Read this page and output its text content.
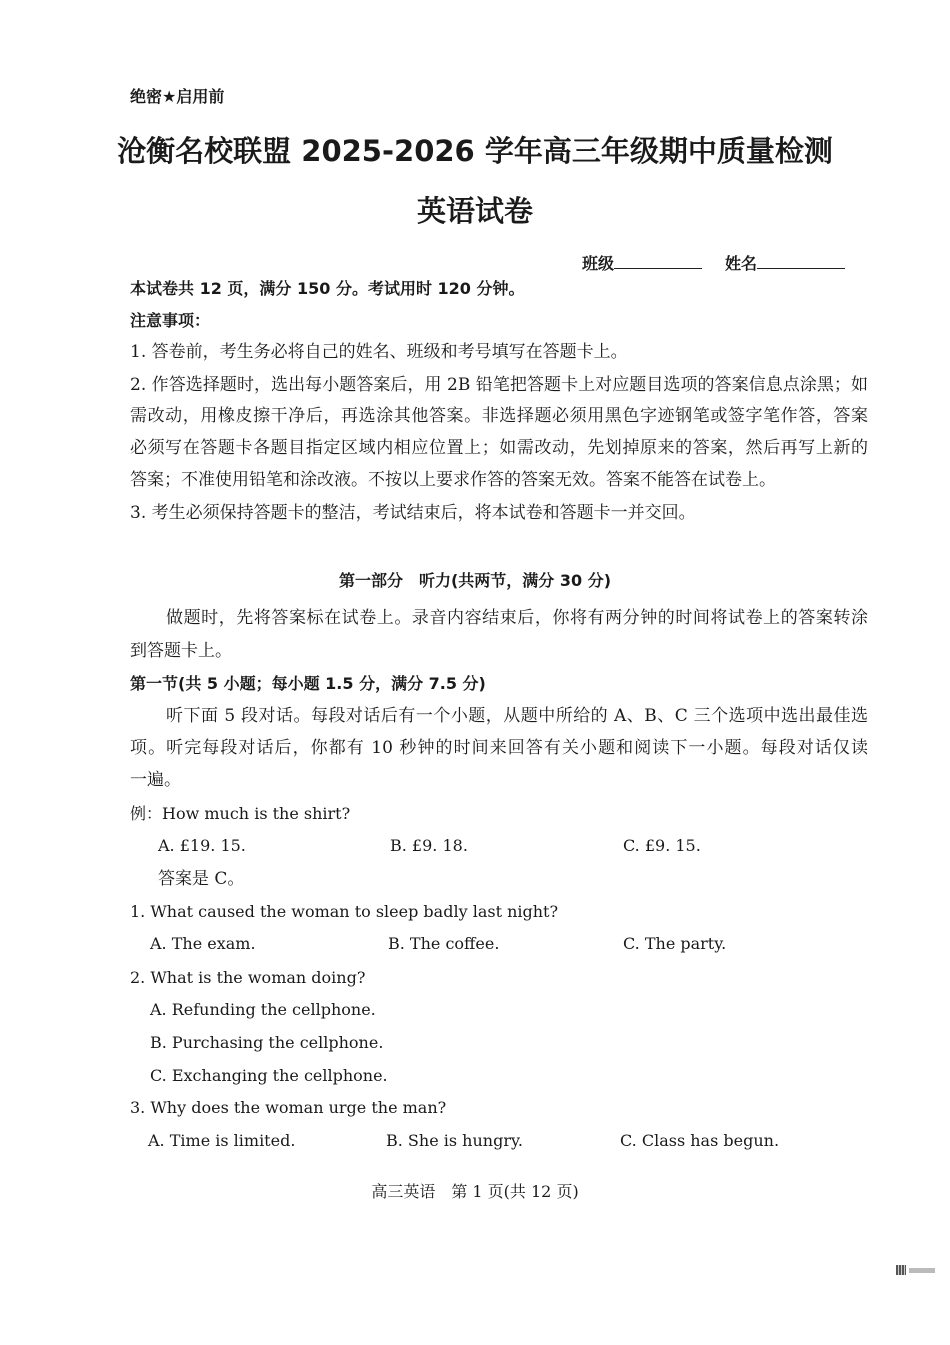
绝密★启用前
沧衡名校联盟 2025-2026 学年高三年级期中质量检测
英语试卷
班级	姓名
本试卷共 12 页，满分 150 分。考试用时 120 分钟。
注意事项：
1. 答卷前，考生务必将自己的姓名、班级和考号填写在答题卡上。
2. 作答选择题时，选出每小题答案后，用 2B 铅笔把答题卡上对应题目选项的答案信息点涂黑；如
需改动，用橡皮擦干净后，再选涂其他答案。非选择题必须用黑色字迹钢笔或签字笔作答，答案
必须写在答题卡各题目指定区域内相应位置上；如需改动，先划掉原来的答案，然后再写上新的
答案；不准使用铅笔和涂改液。不按以上要求作答的答案无效。答案不能答在试卷上。
3. 考生必须保持答题卡的整洁，考试结束后，将本试卷和答题卡一并交回。
第一部分　听力(共两节，满分 30 分)
做题时，先将答案标在试卷上。录音内容结束后，你将有两分钟的时间将试卷上的答案转涂
到答题卡上。
第一节(共 5 小题；每小题 1.5 分，满分 7.5 分)
听下面 5 段对话。每段对话后有一个小题，从题中所给的 A、B、C 三个选项中选出最佳选
项。听完每段对话后，你都有 10 秒钟的时间来回答有关小题和阅读下一小题。每段对话仅读
一遍。
例：How much is the shirt?
A. £19. 15.	B. £9. 18.	C. £9. 15.
答案是 C。
1. What caused the woman to sleep badly last night?
A. The exam.	B. The coffee.	C. The party.
2. What is the woman doing?
A. Refunding the cellphone.
B. Purchasing the cellphone.
C. Exchanging the cellphone.
3. Why does the woman urge the man?
A. Time is limited.	B. She is hungry.	C. Class has begun.
高三英语　第 1 页(共 12 页)
